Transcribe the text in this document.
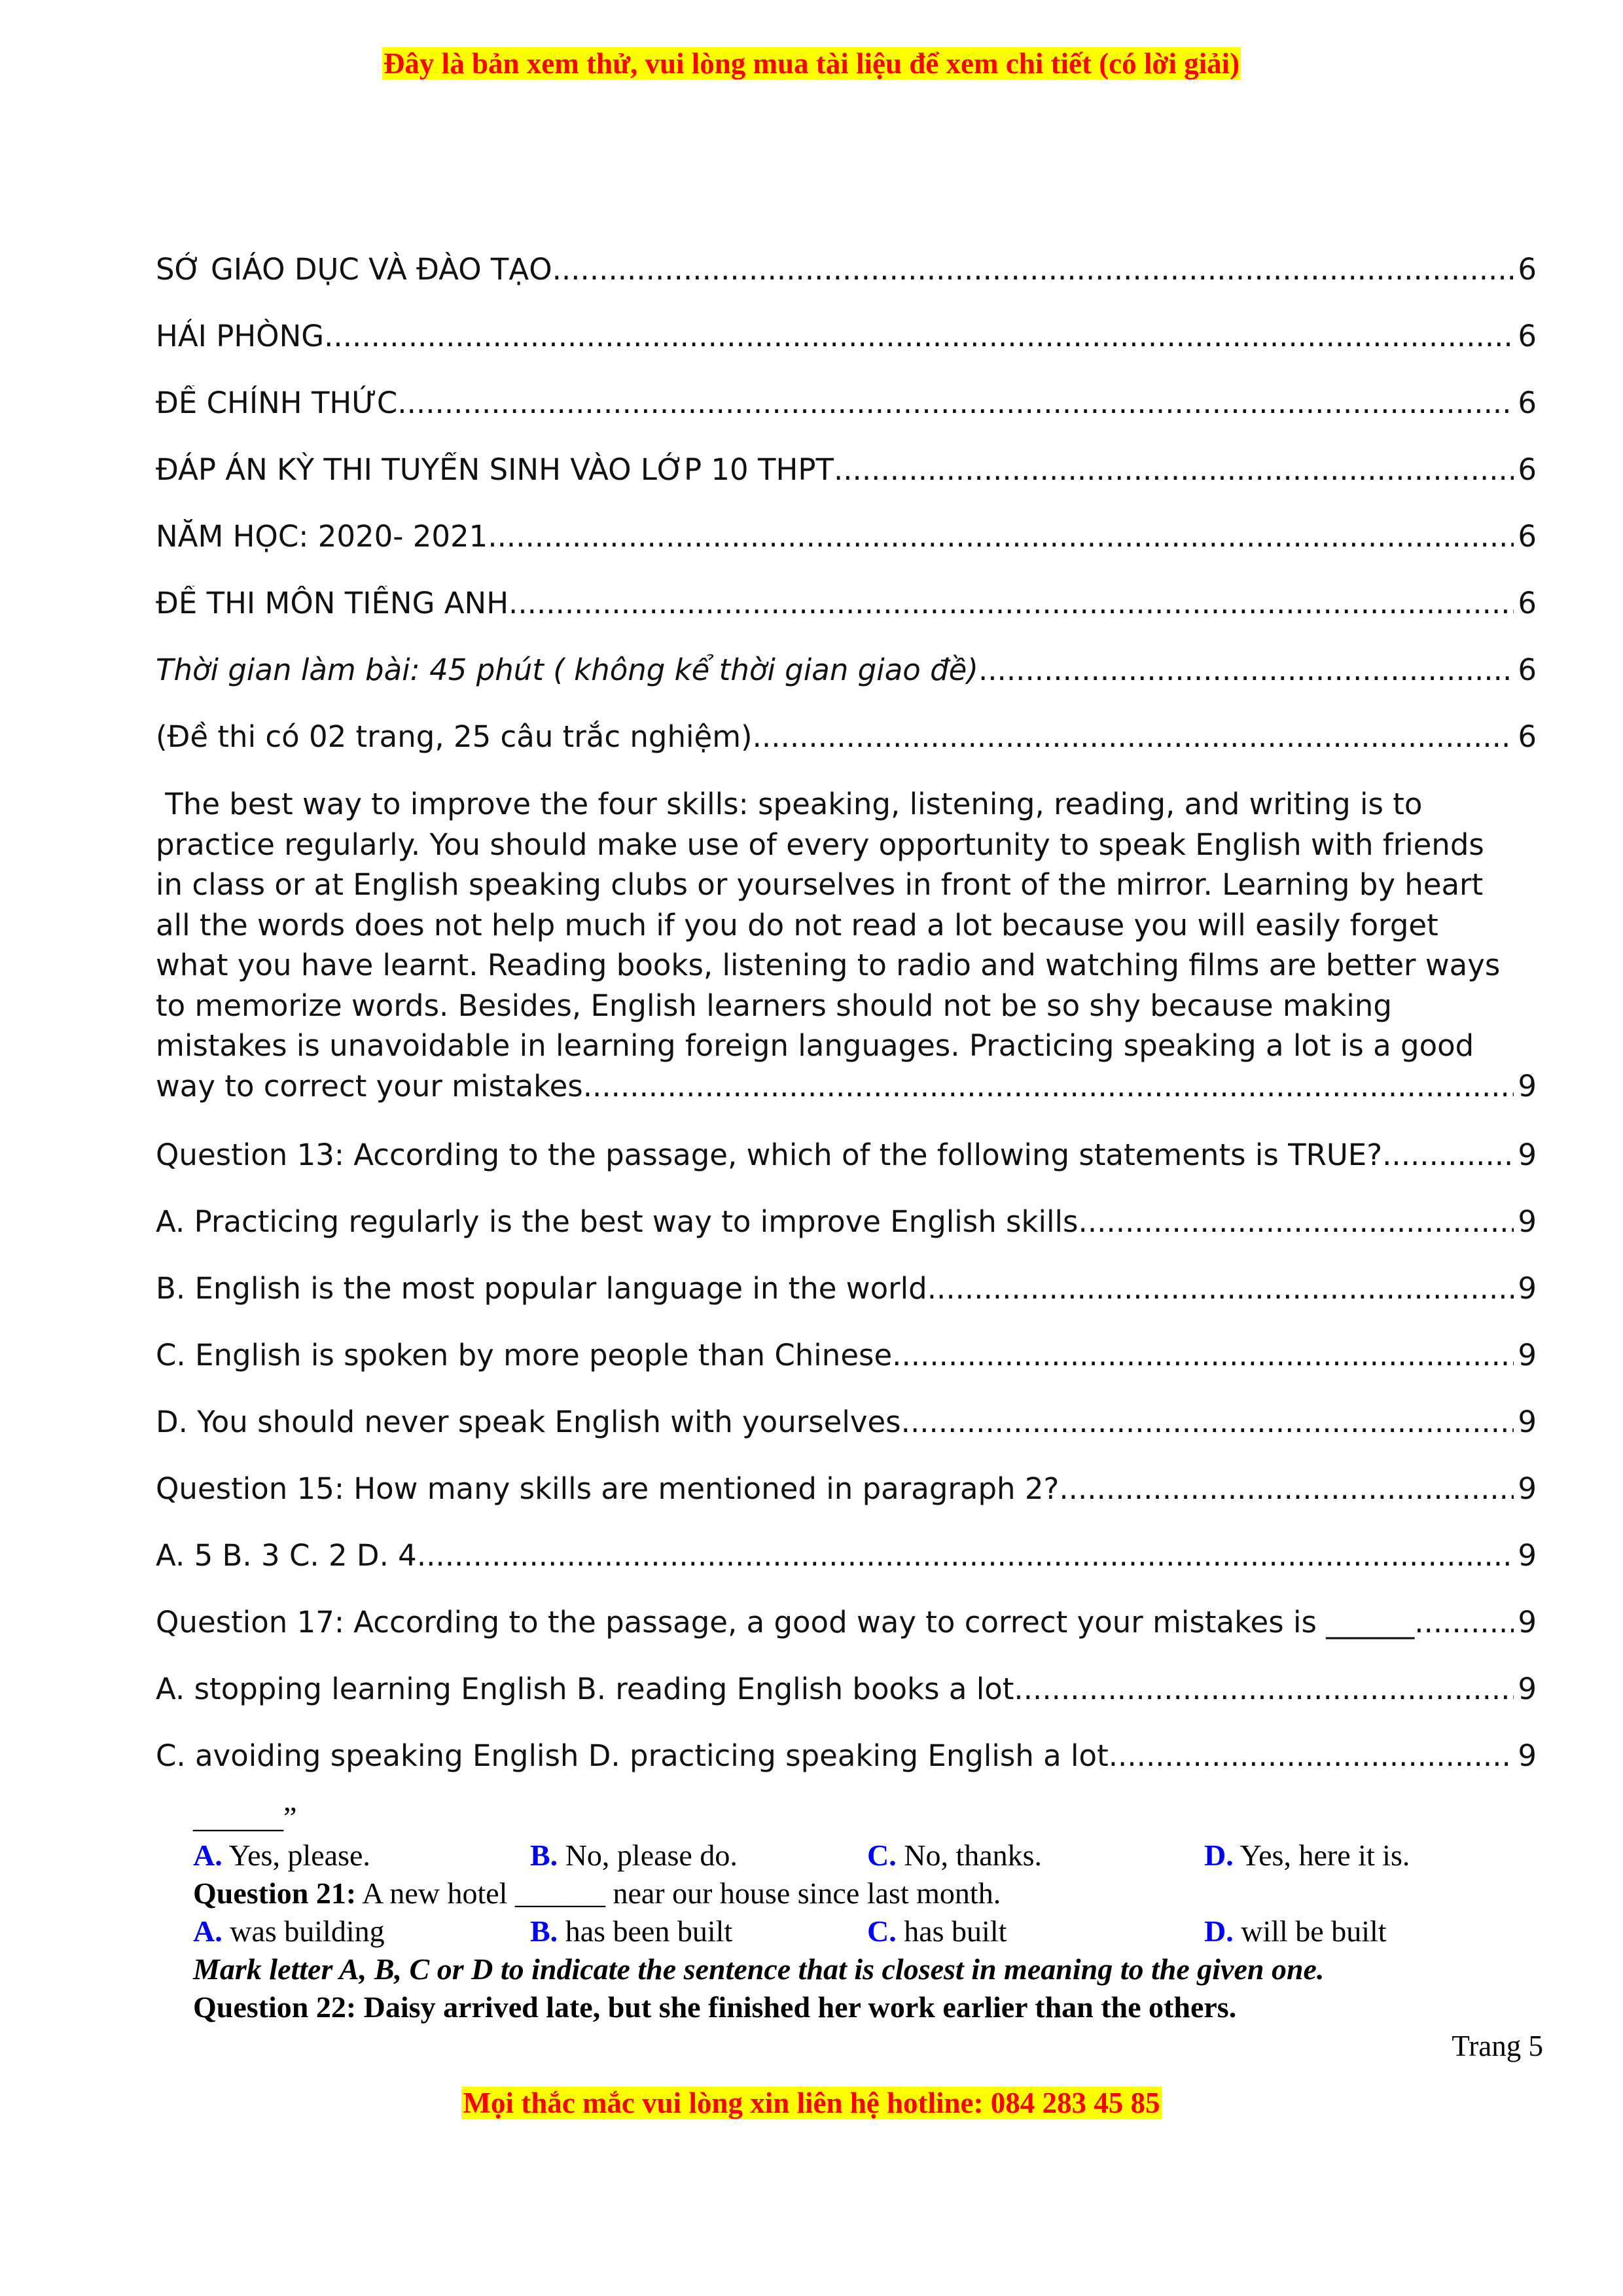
Đây là bản xem thử, vui lòng mua tài liệu để xem chi tiết (có lời giải)
SỞ GIÁO DỤC VÀ ĐÀO TẠO .....	6
HẢI PHÒNG .....	6
ĐỀ CHÍNH THỨC .....	6
ĐÁP ÁN KỲ THI TUYỂN SINH VÀO LỚP 10 THPT .....	6
NĂM HỌC: 2020- 2021 .....	6
ĐỀ THI MÔN TIẾNG ANH .....	6
Thời gian làm bài: 45 phút ( không kể thời gian giao đề) .....	6
(Đề thi có 02 trang, 25 câu trắc nghiệm) .....	6
The best way to improve the four skills: speaking, listening, reading, and writing is to
practice regularly. You should make use of every opportunity to speak English with friends
in class or at English speaking clubs or yourselves in front of the mirror. Learning by heart
all the words does not help much if you do not read a lot because you will easily forget
what you have learnt. Reading books, listening to radio and watching films are better ways
to memorize words. Besides, English learners should not be so shy because making
mistakes is unavoidable in learning foreign languages. Practicing speaking a lot is a good
way to correct your mistakes. .....	9
Question 13: According to the passage, which of the following statements is TRUE? .....	9
A. Practicing regularly is the best way to improve English skills. .....	9
B. English is the most popular language in the world. .....	9
C. English is spoken by more people than Chinese. .....	9
D. You should never speak English with yourselves. .....	9
Question 15: How many skills are mentioned in paragraph 2? .....	9
A. 5 B. 3 C. 2 D. 4 .....	9
Question 17: According to the passage, a good way to correct your mistakes is ______. .....	9
A. stopping learning English B. reading English books a lot .....	9
C. avoiding speaking English D. practicing speaking English a lot .....	9
______”
A. Yes, please.	B. No, please do.	C. No, thanks.	D. Yes, here it is.
Question 21: A new hotel ______ near our house since last month.
A. was building	B. has been built	C. has built	D. will be built
Mark letter A, B, C or D to indicate the sentence that is closest in meaning to the given one.
Question 22: Daisy arrived late, but she finished her work earlier than the others.
Trang 5
Mọi thắc mắc vui lòng xin liên hệ hotline: 084 283 45 85
